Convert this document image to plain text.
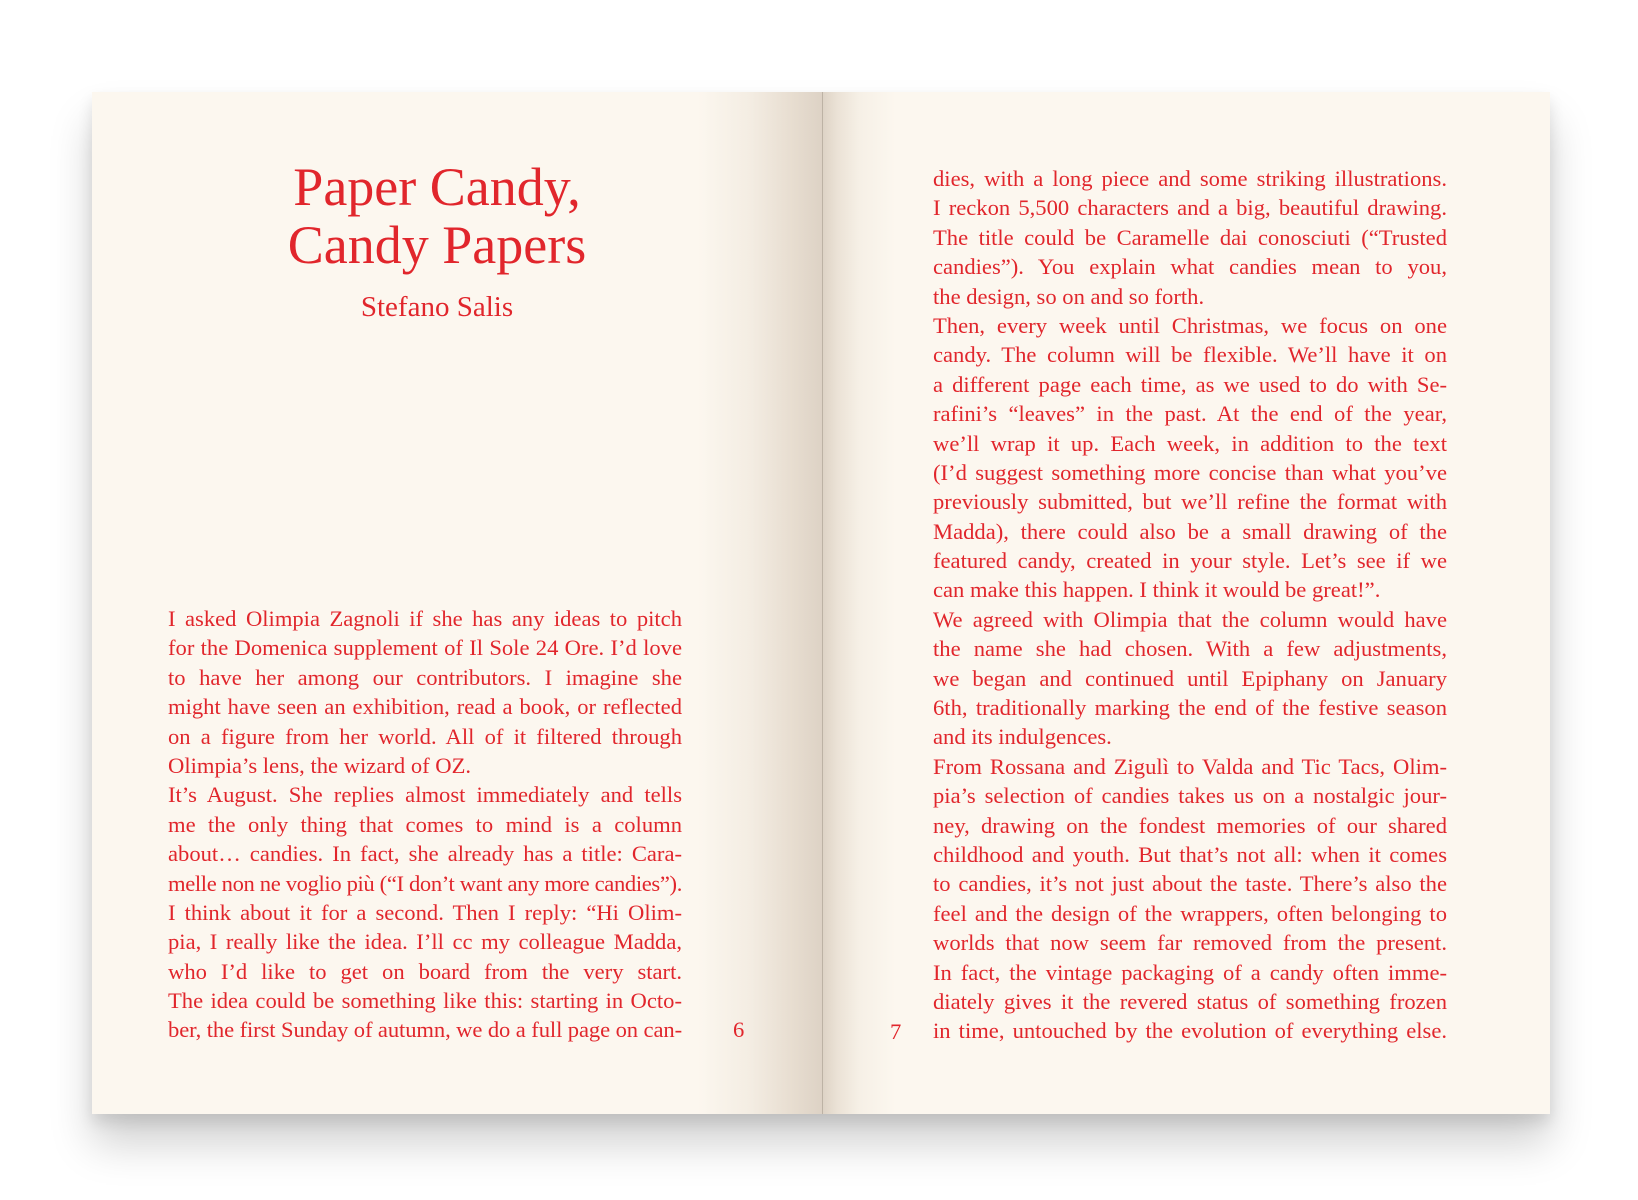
Paper Candy,
Candy Papers
Stefano Salis
I asked Olimpia Zagnoli if she has any ideas to pitch
for the Domenica supplement of Il Sole 24 Ore. I’d love
to have her among our contributors. I imagine she
might have seen an exhibition, read a book, or reflected
on a figure from her world. All of it filtered through
Olimpia’s lens, the wizard of OZ.
It’s August. She replies almost immediately and tells
me the only thing that comes to mind is a column
about… candies. In fact, she already has a title: Cara-
melle non ne voglio più (“I don’t want any more candies”).
I think about it for a second. Then I reply: “Hi Olim-
pia, I really like the idea. I’ll cc my colleague Madda,
who I’d like to get on board from the very start.
The idea could be something like this: starting in Octo-
ber, the first Sunday of autumn, we do a full page on can- 6
dies, with a long piece and some striking illustrations.
I reckon 5,500 characters and a big, beautiful drawing.
The title could be Caramelle dai conosciuti (“Trusted
candies”). You explain what candies mean to you,
the design, so on and so forth.
Then, every week until Christmas, we focus on one
candy. The column will be flexible. We’ll have it on
a different page each time, as we used to do with Se-
rafini’s “leaves” in the past. At the end of the year,
we’ll wrap it up. Each week, in addition to the text
(I’d suggest something more concise than what you’ve
previously submitted, but we’ll refine the format with
Madda), there could also be a small drawing of the
featured candy, created in your style. Let’s see if we
can make this happen. I think it would be great!”.
We agreed with Olimpia that the column would have
the name she had chosen. With a few adjustments,
we began and continued until Epiphany on January
6th, traditionally marking the end of the festive season
and its indulgences.
From Rossana and Zigulì to Valda and Tic Tacs, Olim-
pia’s selection of candies takes us on a nostalgic jour-
ney, drawing on the fondest memories of our shared
childhood and youth. But that’s not all: when it comes
to candies, it’s not just about the taste. There’s also the
feel and the design of the wrappers, often belonging to
worlds that now seem far removed from the present.
In fact, the vintage packaging of a candy often imme-
diately gives it the revered status of something frozen
in time, untouched by the evolution of everything else.
7
